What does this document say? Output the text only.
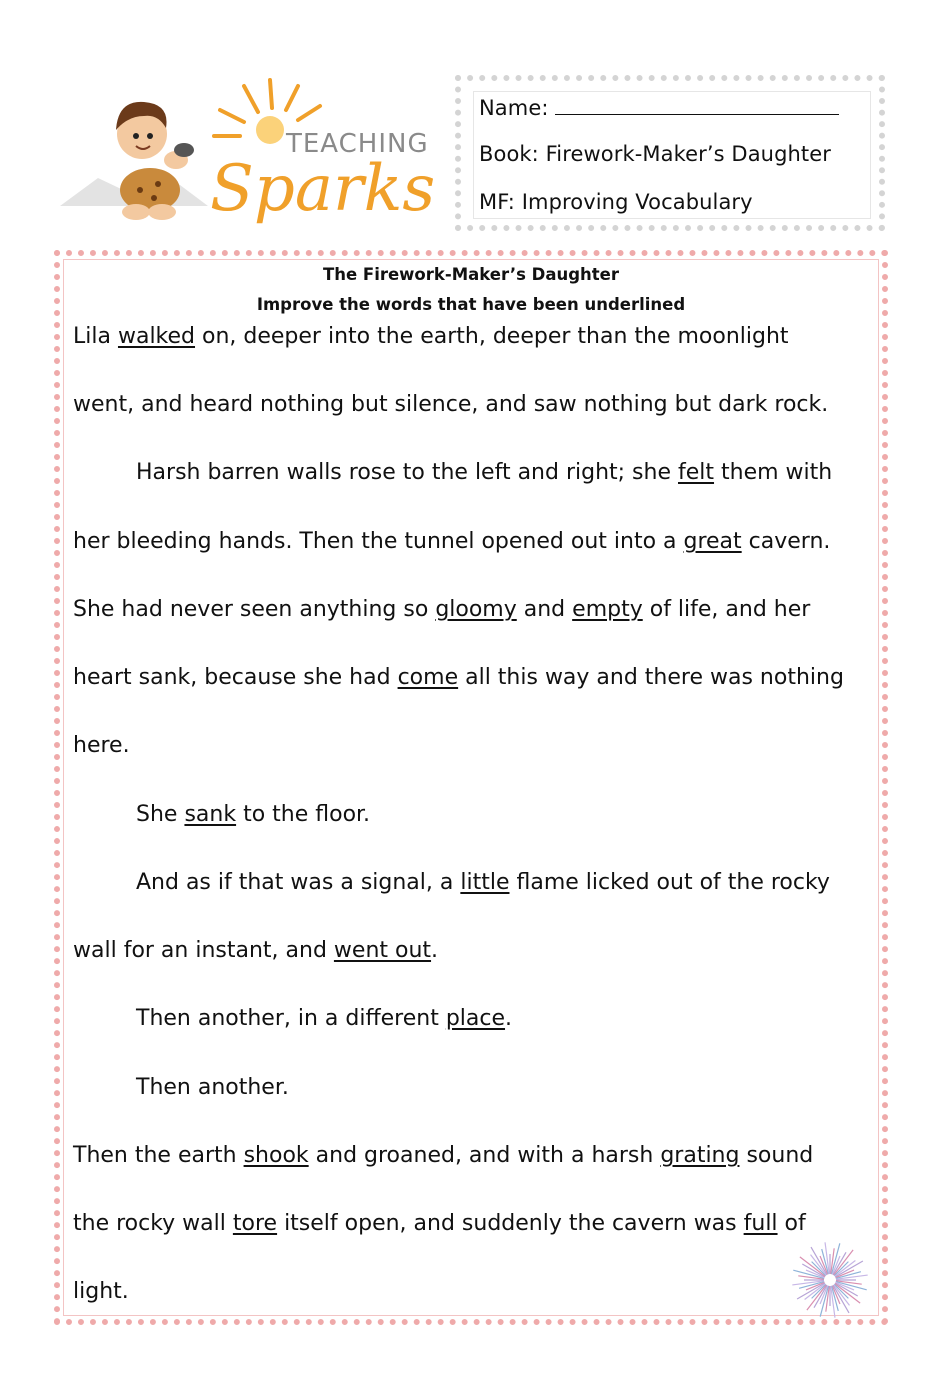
TEACHING
Sparks
Name:
Book: Firework-Maker’s Daughter
MF: Improving Vocabulary
The Firework-Maker’s Daughter
Improve the words that have been underlined
Lila walked on, deeper into the earth, deeper than the moonlight
went, and heard nothing but silence, and saw nothing but dark rock.
Harsh barren walls rose to the left and right; she felt them with
her bleeding hands. Then the tunnel opened out into a great cavern.
She had never seen anything so gloomy and empty of life, and her
heart sank, because she had come all this way and there was nothing
here.
She sank to the floor.
And as if that was a signal, a little flame licked out of the rocky
wall for an instant, and went out.
Then another, in a different place.
Then another.
Then the earth shook and groaned, and with a harsh grating sound
the rocky wall tore itself open, and suddenly the cavern was full of
light.
